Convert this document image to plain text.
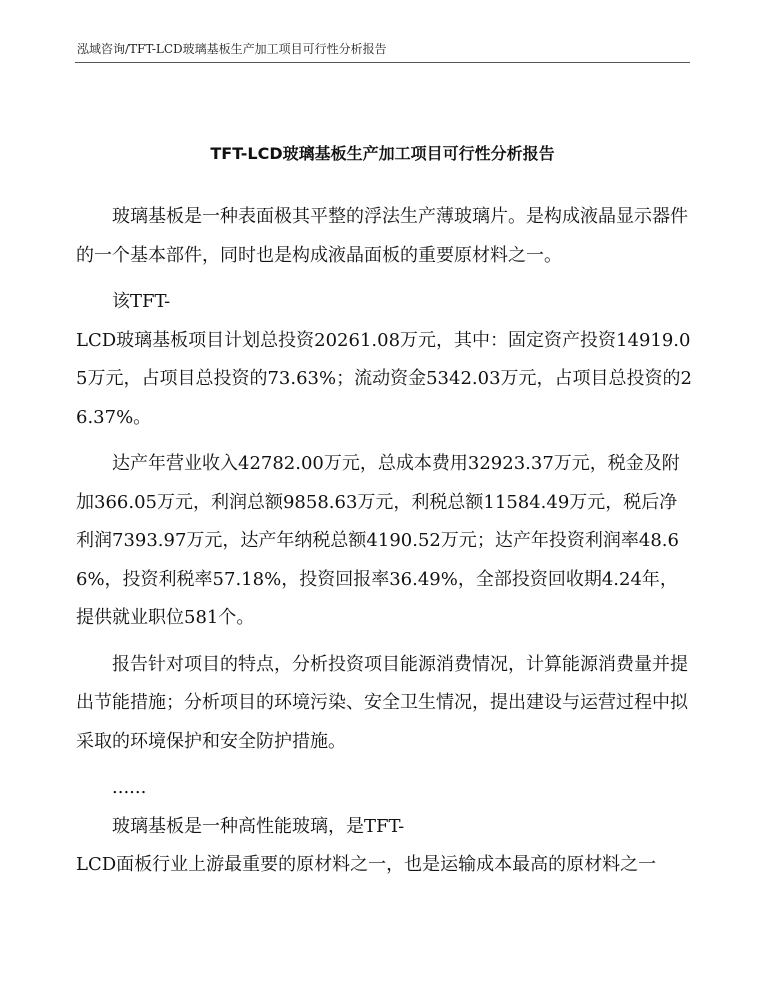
泓域咨询/TFT-LCD玻璃基板生产加工项目可行性分析报告
TFT-LCD玻璃基板生产加工项目可行性分析报告

玻璃基板是一种表面极其平整的浮法生产薄玻璃片。是构成液晶显示器件的一个基本部件，同时也是构成液晶面板的重要原材料之一。

该TFT-

LCD玻璃基板项目计划总投资20261.08万元，其中：固定资产投资14919.05万元，占项目总投资的73.63%；流动资金5342.03万元，占项目总投资的26.37%。

达产年营业收入42782.00万元，总成本费用32923.37万元，税金及附加366.05万元，利润总额9858.63万元，利税总额11584.49万元，税后净利润7393.97万元，达产年纳税总额4190.52万元；达产年投资利润率48.66%，投资利税率57.18%，投资回报率36.49%，全部投资回收期4.24年，提供就业职位581个。

报告针对项目的特点，分析投资项目能源消费情况，计算能源消费量并提出节能措施；分析项目的环境污染、安全卫生情况，提出建设与运营过程中拟采取的环境保护和安全防护措施。

......

玻璃基板是一种高性能玻璃，是TFT-

LCD面板行业上游最重要的原材料之一，也是运输成本最高的原材料之一
